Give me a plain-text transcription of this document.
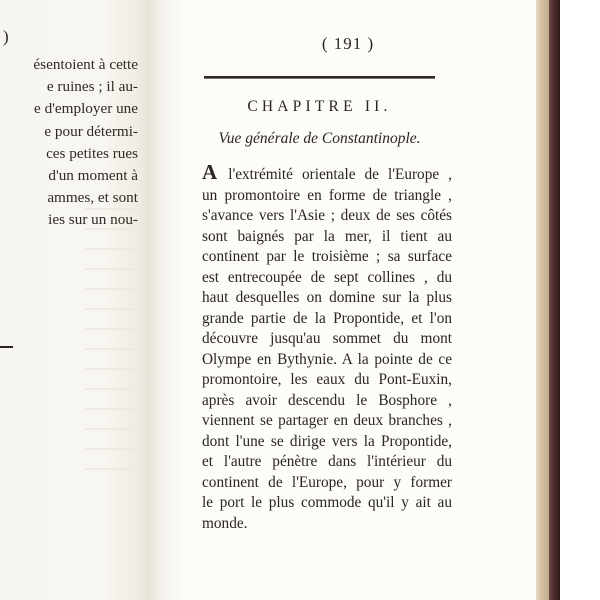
)
ésentoient à cette
e ruines ; il au-
e d'employer une
e pour détermi-
ces petites rues
d'un moment à
ammes, et sont
ies sur un nou-
( 191 )
CHAPITRE II.
Vue générale de Constantinople.
A l'extrémité orientale de l'Europe ,
un promontoire en forme de triangle ,
s'avance vers l'Asie ; deux de ses côtés
sont baignés par la mer, il tient au
continent par le troisième ; sa surface
est entrecoupée de sept collines , du
haut desquelles on domine sur la plus
grande partie de la Propontide, et l'on
découvre jusqu'au sommet du mont
Olympe en Bythynie. A la pointe de ce
promontoire, les eaux du Pont-Euxin,
après avoir descendu le Bosphore ,
viennent se partager en deux branches ,
dont l'une se dirige vers la Propontide,
et l'autre pénètre dans l'intérieur du
continent de l'Europe, pour y former
le port le plus commode qu'il y ait au
monde.
